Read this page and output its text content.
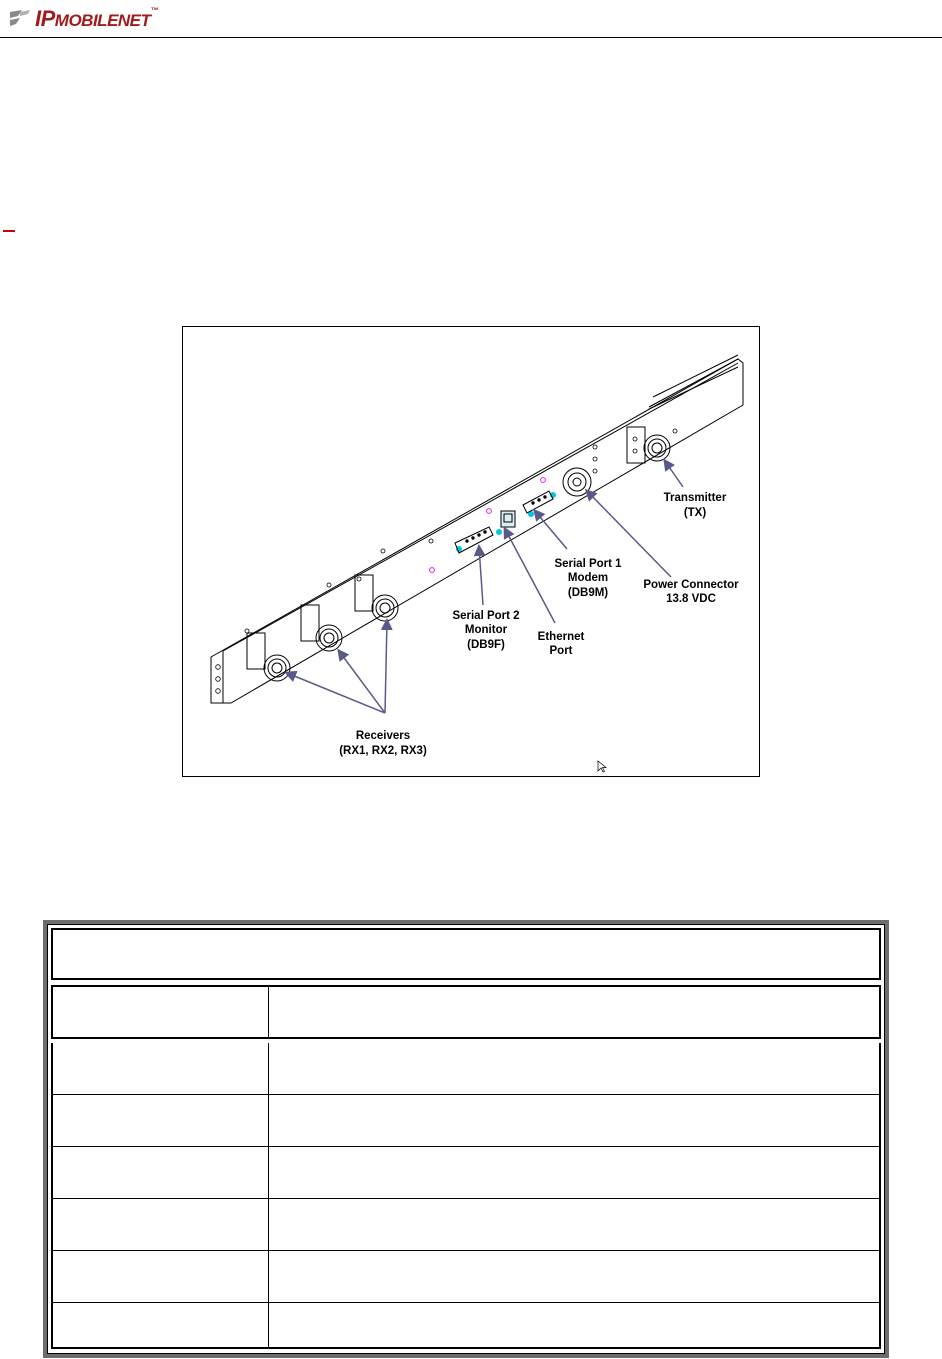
IPMOBILENET™
Transmitter
(TX)
Power Connector
13.8 VDC
Serial Port 1
Modem
(DB9M)
Serial Port 2
Monitor
(DB9F)
Ethernet
Port
Receivers
(RX1, RX2, RX3)
